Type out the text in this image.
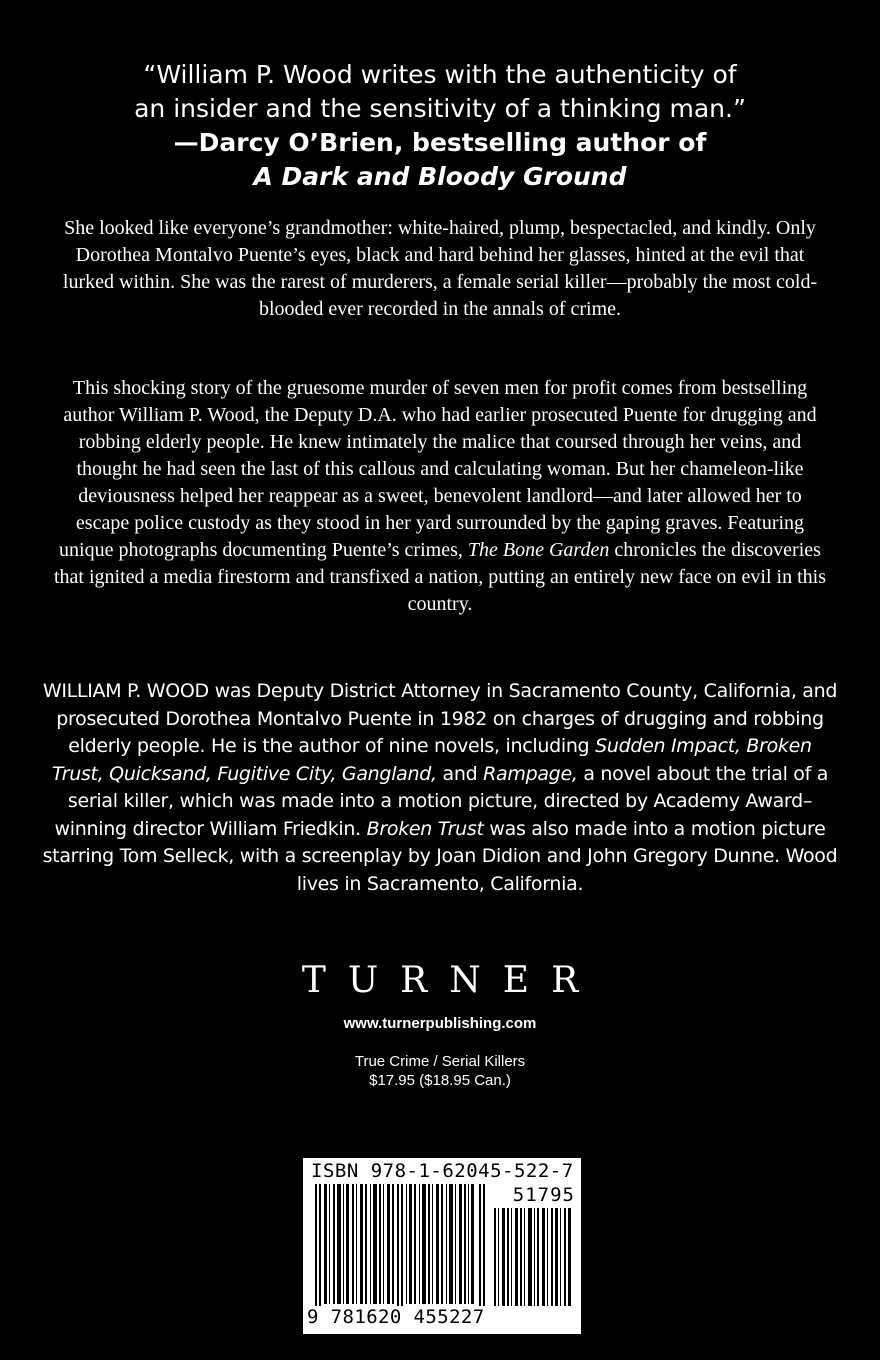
“William P. Wood writes with the authenticity of
an insider and the sensitivity of a thinking man.”
—Darcy O’Brien, bestselling author of
A Dark and Bloody Ground
She looked like everyone’s grandmother: white-haired, plump, bespectacled, and kindly. Only Dorothea Montalvo Puente’s eyes, black and hard behind her glasses, hinted at the evil that lurked within. She was the rarest of murderers, a female serial killer—probably the most cold-blooded ever recorded in the annals of crime.
This shocking story of the gruesome murder of seven men for profit comes from bestselling author William P. Wood, the Deputy D.A. who had earlier prosecuted Puente for drugging and robbing elderly people. He knew intimately the malice that coursed through her veins, and thought he had seen the last of this callous and calculating woman. But her chameleon-like deviousness helped her reappear as a sweet, benevolent landlord—and later allowed her to escape police custody as they stood in her yard surrounded by the gaping graves. Featuring unique photographs documenting Puente’s crimes, The Bone Garden chronicles the discoveries that ignited a media firestorm and transfixed a nation, putting an entirely new face on evil in this country.
WILLIAM P. WOOD was Deputy District Attorney in Sacramento County, California, and prosecuted Dorothea Montalvo Puente in 1982 on charges of drugging and robbing elderly people. He is the author of nine novels, including Sudden Impact, Broken Trust, Quicksand, Fugitive City, Gangland, and Rampage, a novel about the trial of a serial killer, which was made into a motion picture, directed by Academy Award–winning director William Friedkin. Broken Trust was also made into a motion picture starring Tom Selleck, with a screenplay by Joan Didion and John Gregory Dunne. Wood lives in Sacramento, California.
TURNER
www.turnerpublishing.com
True Crime / Serial Killers
$17.95 ($18.95 Can.)
ISBN 978-1-62045-522-7
51795
9 781620 455227
